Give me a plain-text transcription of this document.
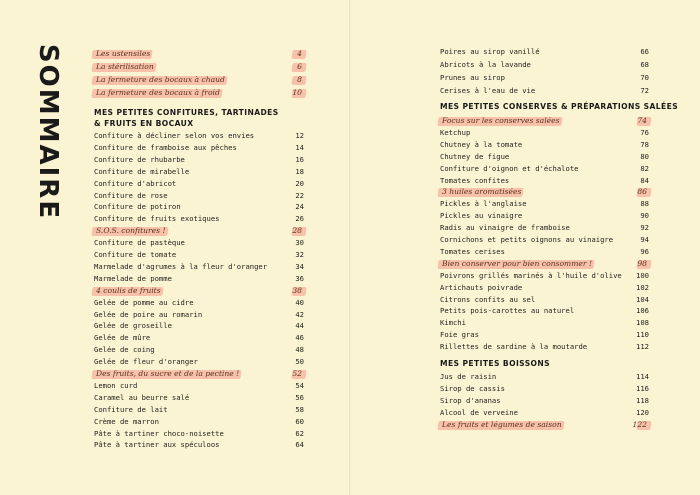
SOMMAIRE	Les ustensiles	4
La stérilisation	6
La fermeture des bocaux à chaud	8
La fermeture des bocaux à froid	10
MES PETITES CONFITURES, TARTINADES
& FRUITS EN BOCAUX
Confiture à décliner selon vos envies	12
Confiture de framboise aux pêches	14
Confiture de rhubarbe	16
Confiture de mirabelle	18
Confiture d'abricot	20
Confiture de rose	22
Confiture de potiron	24
Confiture de fruits exotiques	26
S.O.S. confitures !	28
Confiture de pastèque	30
Confiture de tomate	32
Marmelade d'agrumes à la fleur d'oranger	34
Marmelade de pomme	36
4 coulis de fruits	38
Gelée de pomme au cidre	40
Gelée de poire au romarin	42
Gelée de groseille	44
Gelée de mûre	46
Gelée de coing	48
Gelée de fleur d'oranger	50
Des fruits, du sucre et de la pectine !	52
Lemon curd	54
Caramel au beurre salé	56
Confiture de lait	58
Crème de marron	60
Pâte à tartiner choco-noisette	62
Pâte à tartiner aux spéculoos	64
Poires au sirop vanillé	66
Abricots à la lavande	68
Prunes au sirop	70
Cerises à l'eau de vie	72
MES PETITES CONSERVES & PRÉPARATIONS SALÉES
Focus sur les conserves salées	74
Ketchup	76
Chutney à la tomate	78
Chutney de figue	80
Confiture d'oignon et d'échalote	82
Tomates confites	84
3 huiles aromatisées	86
Pickles à l'anglaise	88
Pickles au vinaigre	90
Radis au vinaigre de framboise	92
Cornichons et petits oignons au vinaigre	94
Tomates cerises	96
Bien conserver pour bien consommer !	98
Poivrons grillés marinés à l'huile d'olive 100
Artichauts poivrade	102
Citrons confits au sel	104
Petits pois-carottes au naturel	106
Kimchi	108
Foie gras	110
Rillettes de sardine à la moutarde	112
MES PETITES BOISSONS
Jus de raisin	114
Sirop de cassis	116
Sirop d'ananas	118
Alcool de verveine	120
Les fruits et légumes de saison	122
